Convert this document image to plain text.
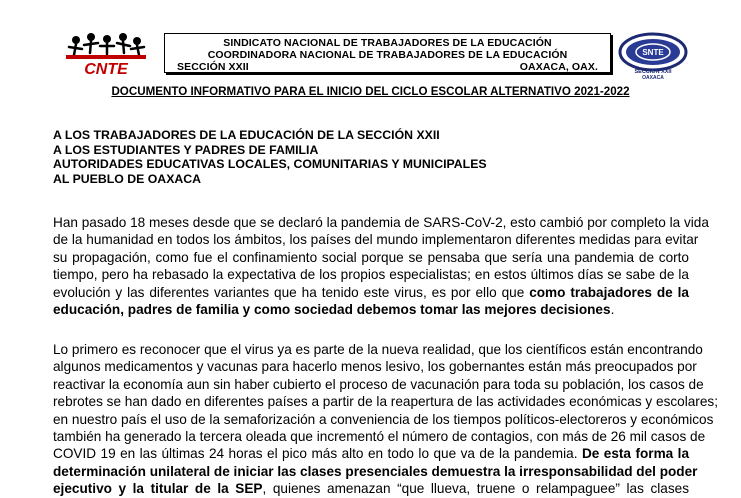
CNTE
SINDICATO NACIONAL DE TRABAJADORES DE LA EDUCACIÓN
COORDINADORA NACIONAL DE TRABAJADORES DE LA EDUCACIÓN
SECCIÓN XXII	OAXACA, OAX.
SNTE
SECCION XXII
OAXACA
DOCUMENTO INFORMATIVO PARA EL INICIO DEL CICLO ESCOLAR ALTERNATIVO 2021-2022
A LOS TRABAJADORES DE LA EDUCACIÓN DE LA SECCIÓN XXII
A LOS ESTUDIANTES Y PADRES DE FAMILIA
AUTORIDADES EDUCATIVAS LOCALES, COMUNITARIAS Y MUNICIPALES
AL PUEBLO DE OAXACA
Han pasado 18 meses desde que se declaró la pandemia de SARS-CoV-2, esto cambió por completo la vida
de la humanidad en todos los ámbitos, los países del mundo implementaron diferentes medidas para evitar
su propagación, como fue el confinamiento social porque se pensaba que sería una pandemia de corto
tiempo, pero ha rebasado la expectativa de los propios especialistas; en estos últimos días se sabe de la
evolución y las diferentes variantes que ha tenido este virus, es por ello que como trabajadores de la
educación, padres de familia y como sociedad debemos tomar las mejores decisiones.
Lo primero es reconocer que el virus ya es parte de la nueva realidad, que los científicos están encontrando
algunos medicamentos y vacunas para hacerlo menos lesivo, los gobernantes están más preocupados por
reactivar la economía aun sin haber cubierto el proceso de vacunación para toda su población, los casos de
rebrotes se han dado en diferentes países a partir de la reapertura de las actividades económicas y escolares;
en nuestro país el uso de la semaforización a conveniencia de los tiempos políticos-electoreros y económicos
también ha generado la tercera oleada que incrementó el número de contagios, con más de 26 mil casos de
COVID 19 en las últimas 24 horas el pico más alto en todo lo que va de la pandemia. De esta forma la
determinación unilateral de iniciar las clases presenciales demuestra la irresponsabilidad del poder
ejecutivo y la titular de la SEP, quienes amenazan “que llueva, truene o relampaguee” las clases
